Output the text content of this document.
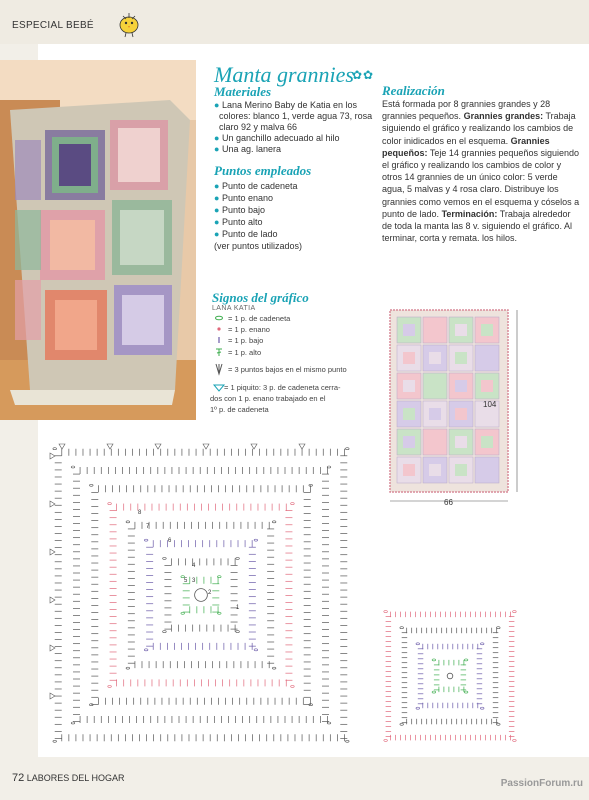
ESPECIAL BEBÉ
Manta grannies
✿✿
Materiales
● Lana Merino Baby de Katia en los
colores: blanco 1, verde agua 73, rosa
claro 92 y malva 66
● Un ganchillo adecuado al hilo
● Una ag. lanera
Puntos empleados
● Punto de cadeneta
● Punto enano
● Punto bajo
● Punto alto
● Punto de lado
(ver puntos utilizados)
Realización
Está formada por 8 grannies grandes y 28 grannies pequeños. Grannies grandes: Trabaja siguiendo el gráfico y realizando los cambios de color inidicados en el esquema. Grannies pequeños: Teje 14 grannies pequeños siguiendo el gráfico y realizando los cambios de color y otros 14 grannies de un único color: 5 verde agua, 5 malvas y 4 rosa claro. Distribuye los grannies como vemos en el esquema y cóselos a punto de lado. Terminación: Trabaja alrededor de toda la manta las 8 v. siguiendo el gráfico. Al terminar, corta y remata. los hilos.
Signos del gráfico
LANA KATIA
= 1 p. de cadeneta
= 1 p. enano
= 1 p. bajo
= 1 p. alto
= 3 puntos bajos en el mismo punto
= 1 piquito: 3 p. de cadeneta cerra-
dos con 1 p. enano trabajado en el
1º p. de cadeneta
104
66
1
2
3
4
5
6
7
8
72 LABORES DEL HOGAR	PassionForum.ru
